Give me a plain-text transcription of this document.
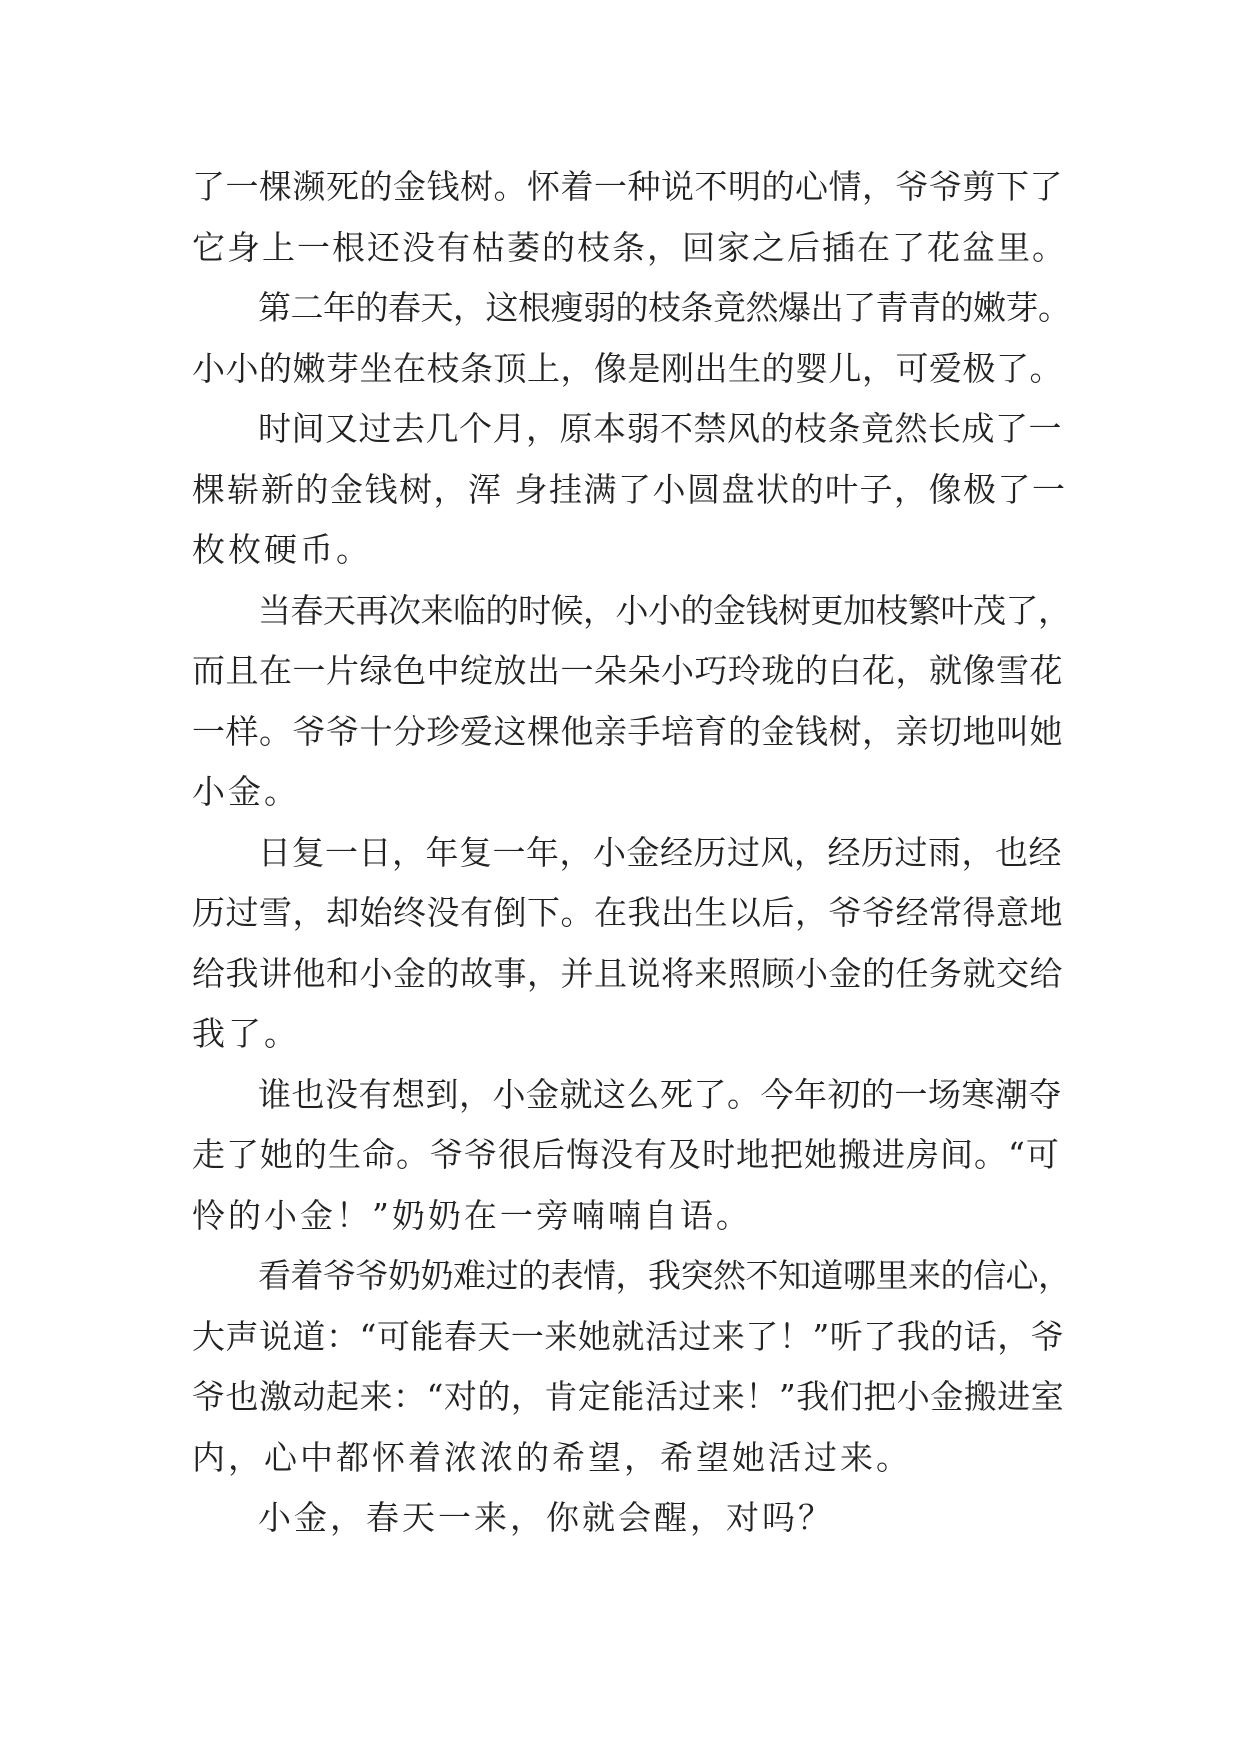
了一棵濒死的金钱树。怀着一种说不明的心情，爷爷剪下了
它身上一根还没有枯萎的枝条，回家之后插在了花盆里。
第二年的春天，这根瘦弱的枝条竟然爆出了青青的嫩芽。
小小的嫩芽坐在枝条顶上，像是刚出生的婴儿，可爱极了。
时间又过去几个月，原本弱不禁风的枝条竟然长成了一
棵崭新的金钱树，浑 身挂满了小圆盘状的叶子，像极了一
枚枚硬币。
当春天再次来临的时候，小小的金钱树更加枝繁叶茂了，
而且在一片绿色中绽放出一朵朵小巧玲珑的白花，就像雪花
一样。爷爷十分珍爱这棵他亲手培育的金钱树，亲切地叫她
小金。
日复一日，年复一年，小金经历过风，经历过雨，也经
历过雪，却始终没有倒下。在我出生以后，爷爷经常得意地
给我讲他和小金的故事，并且说将来照顾小金的任务就交给
我了。
谁也没有想到，小金就这么死了。今年初的一场寒潮夺
走了她的生命。爷爷很后悔没有及时地把她搬进房间。“可
怜的小金！”奶奶在一旁喃喃自语。
看着爷爷奶奶难过的表情，我突然不知道哪里来的信心，
大声说道：“可能春天一来她就活过来了！”听了我的话，爷
爷也激动起来：“对的，肯定能活过来！”我们把小金搬进室
内，心中都怀着浓浓的希望，希望她活过来。
小金，春天一来，你就会醒，对吗？
